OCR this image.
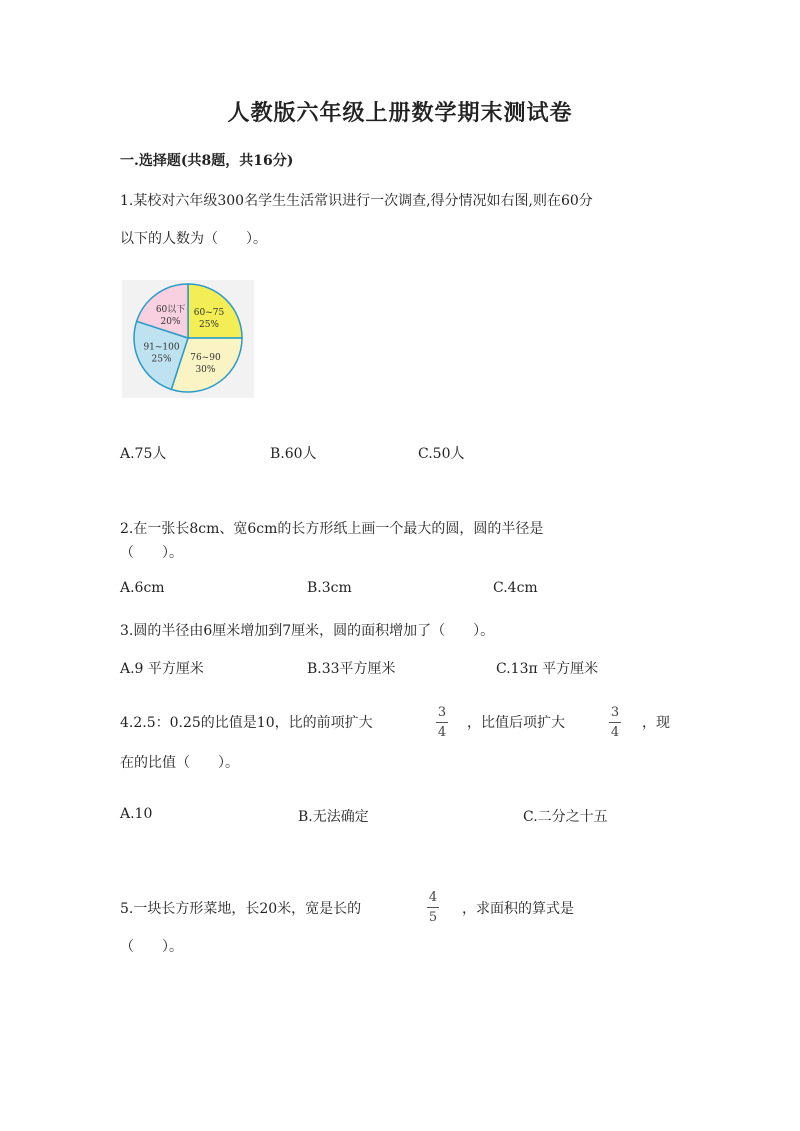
人教版六年级上册数学期末测试卷
一.选择题(共8题，共16分)
1.某校对六年级300名学生生活常识进行一次调查,得分情况如右图,则在60分
以下的人数为（　　）。
60~75
25%
76~90
30%
91~100
25%
60以下
20%
A.75人	B.60人	C.50人
2.在一张长8cm、宽6cm的长方形纸上画一个最大的圆，圆的半径是
（　　）。
A.6cm	B.3cm	C.4cm
3.圆的半径由6厘米增加到7厘米，圆的面积增加了（　　）。
A.9 平方厘米	B.33平方厘米	C.13π 平方厘米
4.2.5：0.25的比值是10，比的前项扩大
3
4
，比值后项扩大
3
4
，现
在的比值（　　）。
A.10	B.无法确定	C.二分之十五
5.一块长方形菜地，长20米，宽是长的
4
5
，求面积的算式是
（　　）。
